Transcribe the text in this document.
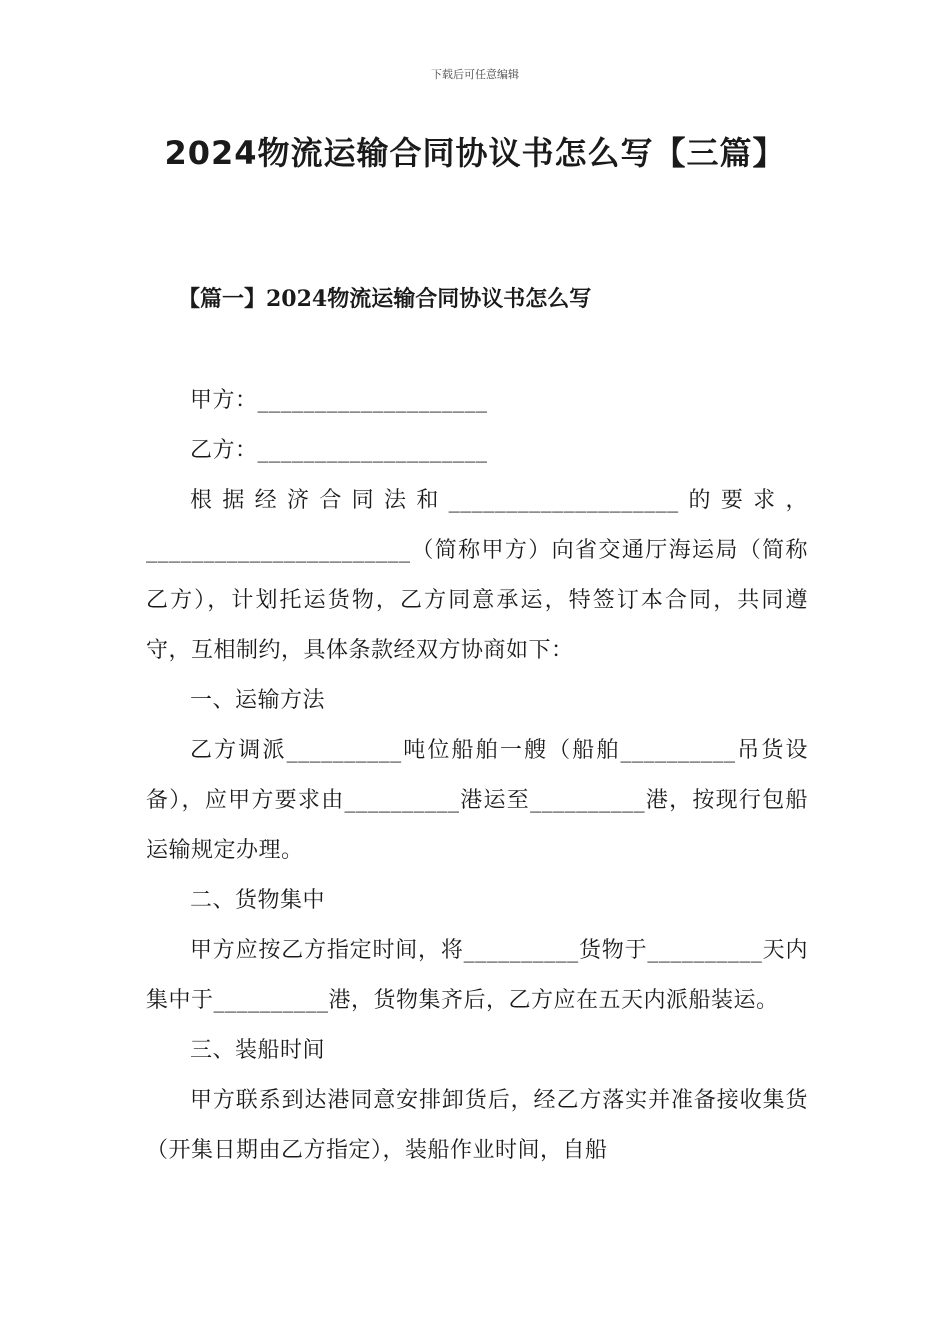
下载后可任意编辑
2024物流运输合同协议书怎么写【三篇】
【篇一】2024物流运输合同协议书怎么写

甲方：____________________

乙方：____________________

根据经济合同法和____________________的要求，_______________________（简称甲方）向省交通厅海运局（简称乙方），计划托运货物，乙方同意承运，特签订本合同，共同遵守，互相制约，具体条款经双方协商如下：

一、运输方法

乙方调派__________吨位船舶一艘（船舶__________吊货设备），应甲方要求由__________港运至__________港，按现行包船运输规定办理。

二、货物集中

甲方应按乙方指定时间，将__________货物于__________天内集中于__________港，货物集齐后，乙方应在五天内派船装运。

三、装船时间

甲方联系到达港同意安排卸货后，经乙方落实并准备接收集货（开集日期由乙方指定），装船作业时间，自船
